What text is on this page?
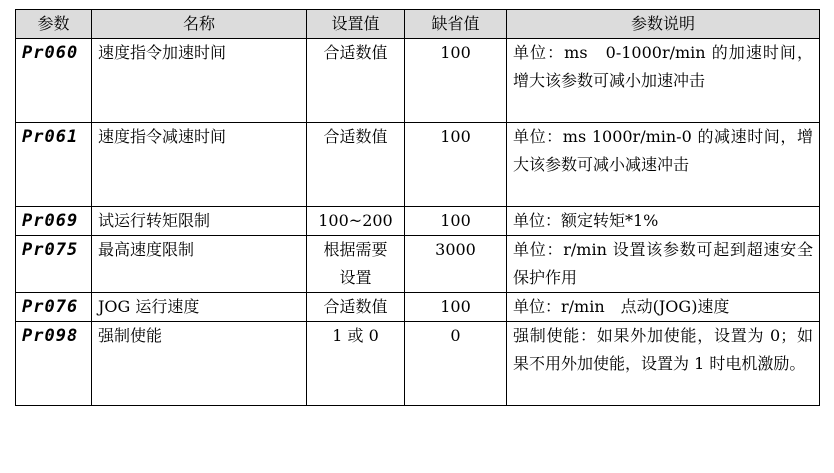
参数	名称	设置值	缺省值	参数说明
Pr060	速度指令加速时间	合适数值	100	单位：ms　0-1000r/min 的加速时间，增大该参数可减小加速冲击
Pr061	速度指令减速时间	合适数值	100	单位：ms 1000r/min-0 的减速时间，增大该参数可减小减速冲击
Pr069	试运行转矩限制	100~200	100	单位：额定转矩*1%
Pr075	最高速度限制	根据需要设置	3000	单位：r/min 设置该参数可起到超速安全保护作用
Pr076	JOG 运行速度	合适数值	100	单位：r/min　点动(JOG)速度
Pr098	强制使能	1 或 0	0	强制使能：如果外加使能，设置为 0；如果不用外加使能，设置为 1 时电机激励。
